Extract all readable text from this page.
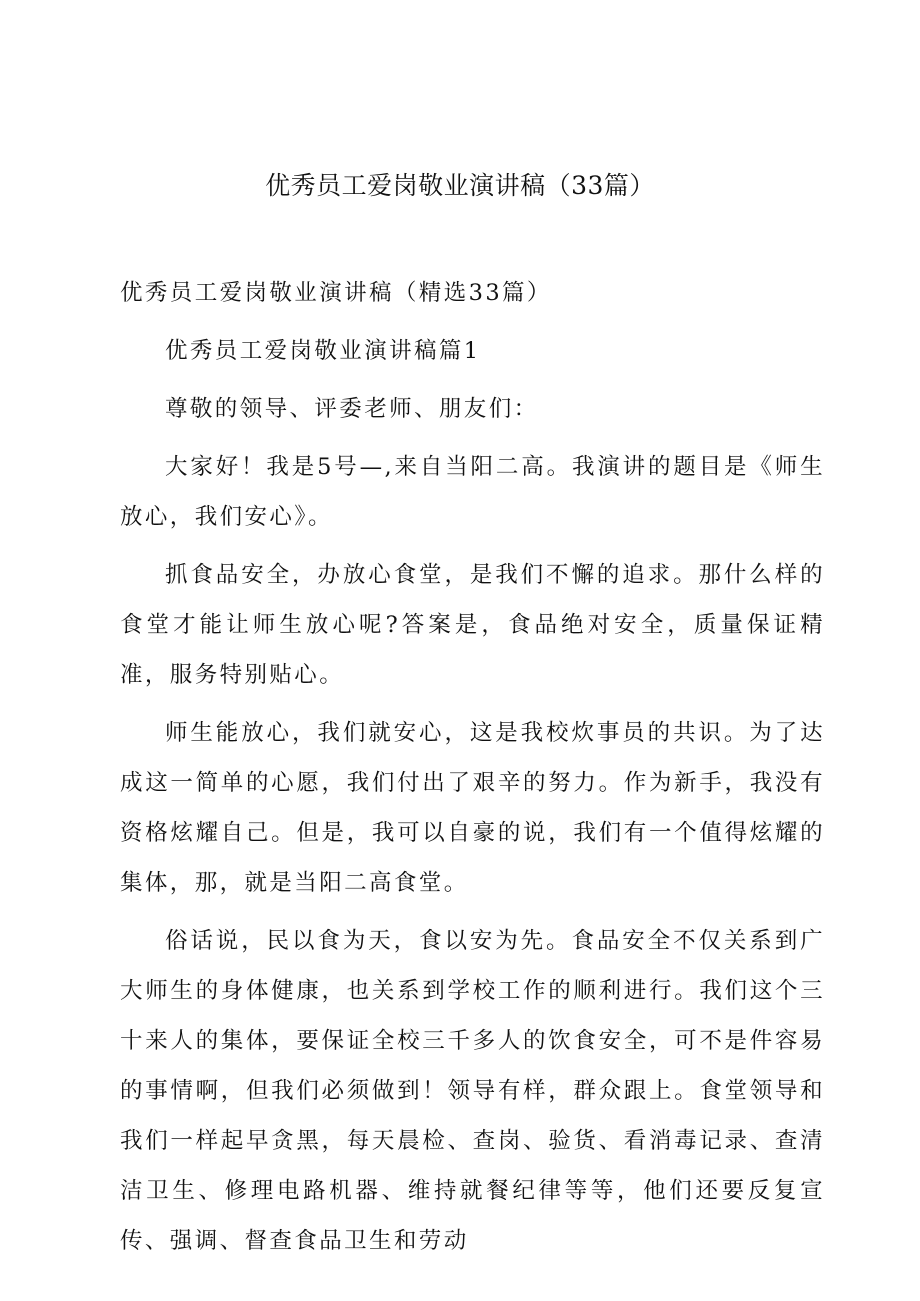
优秀员工爱岗敬业演讲稿（33篇）

优秀员工爱岗敬业演讲稿（精选33篇）

优秀员工爱岗敬业演讲稿篇1

尊敬的领导、评委老师、朋友们：

大家好！我是5号—,来自当阳二高。我演讲的题目是《师生放心，我们安心》。

抓食品安全，办放心食堂，是我们不懈的追求。那什么样的食堂才能让师生放心呢?答案是，食品绝对安全，质量保证精准，服务特别贴心。

师生能放心，我们就安心，这是我校炊事员的共识。为了达成这一简单的心愿，我们付出了艰辛的努力。作为新手，我没有资格炫耀自己。但是，我可以自豪的说，我们有一个值得炫耀的集体，那，就是当阳二高食堂。

俗话说，民以食为天，食以安为先。食品安全不仅关系到广大师生的身体健康，也关系到学校工作的顺利进行。我们这个三十来人的集体，要保证全校三千多人的饮食安全，可不是件容易的事情啊，但我们必须做到！领导有样，群众跟上。食堂领导和我们一样起早贪黑，每天晨检、查岗、验货、看消毒记录、查清洁卫生、修理电路机器、维持就餐纪律等等，他们还要反复宣传、强调、督查食品卫生和劳动
